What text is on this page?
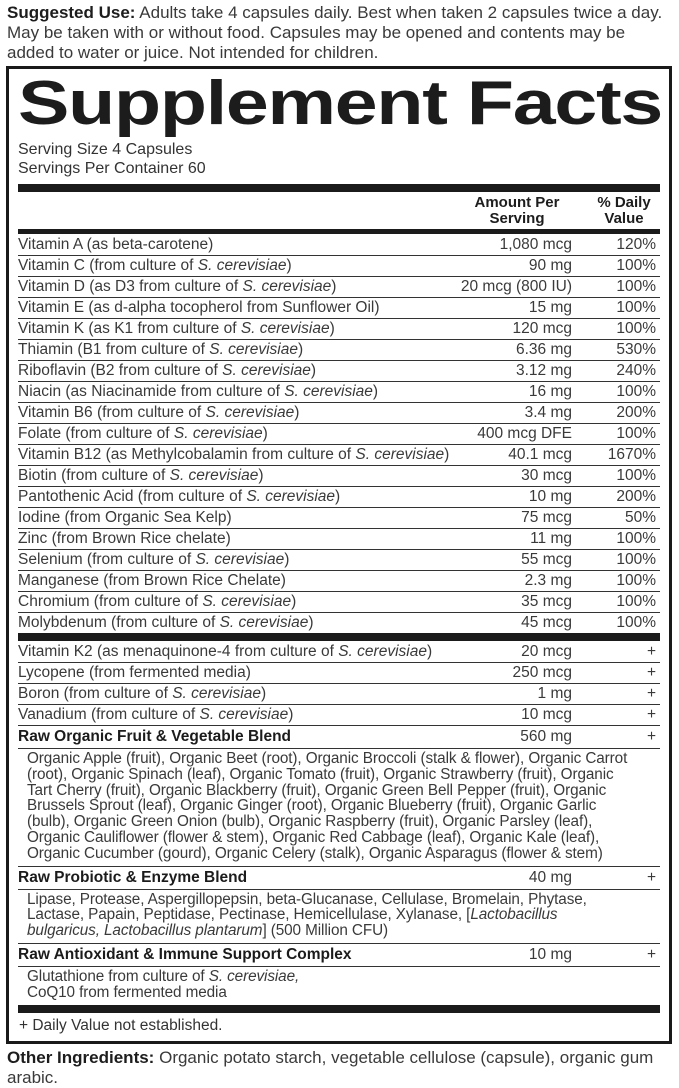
Suggested Use: Adults take 4 capsules daily. Best when taken 2 capsules twice a day. May be taken with or without food. Capsules may be opened and contents may be added to water or juice. Not intended for children.

Supplement Facts
Serving Size 4 Capsules
Servings Per Container 60
Amount Per Serving
% Daily Value
Vitamin A (as beta-carotene)	1,080 mcg	120%
Vitamin C (from culture of S. cerevisiae)	90 mg	100%
Vitamin D (as D3 from culture of S. cerevisiae)	20 mcg (800 IU)	100%
Vitamin E (as d-alpha tocopherol from Sunflower Oil)	15 mg	100%
Vitamin K (as K1 from culture of S. cerevisiae)	120 mcg	100%
Thiamin (B1 from culture of S. cerevisiae)	6.36 mg	530%
Riboflavin (B2 from culture of S. cerevisiae)	3.12 mg	240%
Niacin (as Niacinamide from culture of S. cerevisiae)	16 mg	100%
Vitamin B6 (from culture of S. cerevisiae)	3.4 mg	200%
Folate (from culture of S. cerevisiae)	400 mcg DFE	100%
Vitamin B12 (as Methylcobalamin from culture of S. cerevisiae)	40.1 mcg	1670%
Biotin (from culture of S. cerevisiae)	30 mcg	100%
Pantothenic Acid (from culture of S. cerevisiae)	10 mg	200%
Iodine (from Organic Sea Kelp)	75 mcg	50%
Zinc (from Brown Rice chelate)	11 mg	100%
Selenium (from culture of S. cerevisiae)	55 mcg	100%
Manganese (from Brown Rice Chelate)	2.3 mg	100%
Chromium (from culture of S. cerevisiae)	35 mcg	100%
Molybdenum (from culture of S. cerevisiae)	45 mcg	100%
Vitamin K2 (as menaquinone-4 from culture of S. cerevisiae)	20 mcg	+
Lycopene (from fermented media)	250 mcg	+
Boron (from culture of S. cerevisiae)	1 mg	+
Vanadium (from culture of S. cerevisiae)	10 mcg	+
Raw Organic Fruit & Vegetable Blend	560 mg	+
Organic Apple (fruit), Organic Beet (root), Organic Broccoli (stalk & flower), Organic Carrot (root), Organic Spinach (leaf), Organic Tomato (fruit), Organic Strawberry (fruit), Organic Tart Cherry (fruit), Organic Blackberry (fruit), Organic Green Bell Pepper (fruit), Organic Brussels Sprout (leaf), Organic Ginger (root), Organic Blueberry (fruit), Organic Garlic (bulb), Organic Green Onion (bulb), Organic Raspberry (fruit), Organic Parsley (leaf), Organic Cauliflower (flower & stem), Organic Red Cabbage (leaf), Organic Kale (leaf), Organic Cucumber (gourd), Organic Celery (stalk), Organic Asparagus (flower & stem)
Raw Probiotic & Enzyme Blend	40 mg	+
Lipase, Protease, Aspergillopepsin, beta-Glucanase, Cellulase, Bromelain, Phytase, Lactase, Papain, Peptidase, Pectinase, Hemicellulase, Xylanase, [Lactobacillus bulgaricus, Lactobacillus plantarum] (500 Million CFU)
Raw Antioxidant & Immune Support Complex	10 mg	+
Glutathione from culture of S. cerevisiae,
CoQ10 from fermented media
+ Daily Value not established.

Other Ingredients: Organic potato starch, vegetable cellulose (capsule), organic gum arabic.
